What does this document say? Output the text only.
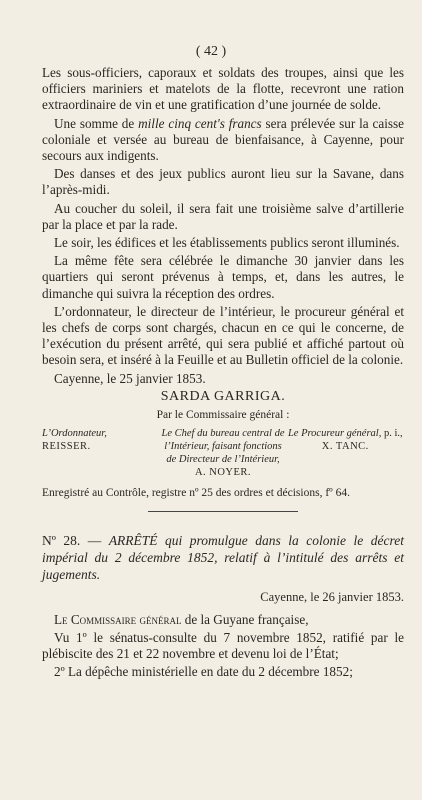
( 42 )

Les sous-officiers, caporaux et soldats des troupes, ainsi que les officiers mariniers et matelots de la flotte, recevront une ration extraordinaire de vin et une gratification d’une journée de solde.

Une somme de mille cinq cent's francs sera prélevée sur la caisse coloniale et versée au bureau de bienfaisance, à Cayenne, pour secours aux indigents.

Des danses et des jeux publics auront lieu sur la Savane, dans l’après-midi.

Au coucher du soleil, il sera fait une troisième salve d’artillerie par la place et par la rade.

Le soir, les édifices et les établissements publics seront illuminés.

La même fête sera célébrée le dimanche 30 janvier dans les quartiers qui seront prévenus à temps, et, dans les autres, le dimanche qui suivra la réception des ordres.

L’ordonnateur, le directeur de l’intérieur, le procureur général et les chefs de corps sont chargés, chacun en ce qui le concerne, de l’exécution du présent arrêté, qui sera publié et affiché partout où besoin sera, et inséré à la Feuille et au Bulletin officiel de la colonie.

Cayenne, le 25 janvier 1853.

SARDA GARRIGA.
Par le Commissaire général :
L’Ordonnateur,
REISSER.
Le Chef du bureau central de
l’Intérieur, faisant fonctions
de Directeur de l’Intérieur,
A. NOYER.
Le Procureur général, p. i.,
X. TANC.
Enregistré au Contrôle, registre nº 25 des ordres et décisions, fº 64.
Nº 28. — ARRÊTÉ qui promulgue dans la colonie le décret impérial du 2 décembre 1852, relatif à l’intitulé des arrêts et jugements.
Cayenne, le 26 janvier 1853.

Le Commissaire général de la Guyane française,

Vu 1º le sénatus-consulte du 7 novembre 1852, ratifié par le plébiscite des 21 et 22 novembre et devenu loi de l’État;

2º La dépêche ministérielle en date du 2 décembre 1852;
